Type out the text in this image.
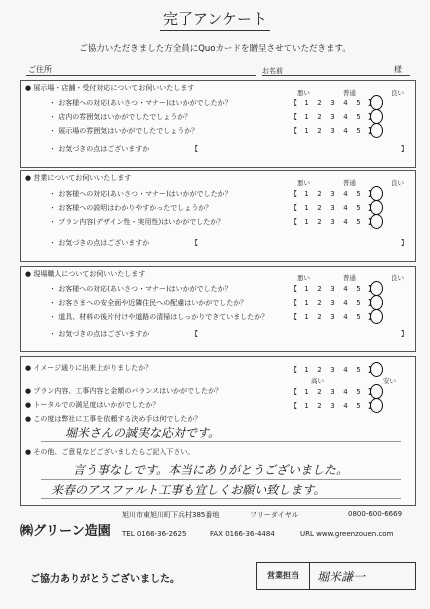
完了アンケート
ご協力いただきました方全員にQuoカードを贈呈させていただきます。
ご住所	お名前	様
● 展示場・店舗・受付対応についてお伺いいたします
悪い	普通	良い
・ お客様への対応(あいさつ・マナー)はいかがでしたか？	【 1 2 3 4 5 】
・ 店内の雰囲気はいかがでしたでしょうか？	【 1 2 3 4 5 】
・ 展示場の雰囲気はいかがでしたでしょうか？	【 1 2 3 4 5 】
・ お気づきの点はございますか	【	】
● 営業についてお伺いいたします
悪い	普通	良い
・ お客様への対応(あいさつ・マナー)はいかがでしたか？	【 1 2 3 4 5 】
・ お客様への説明はわかりやすかったでしょうか？	【 1 2 3 4 5 】
・ プラン内容(デザイン性・実用性)はいかがでしたか？	【 1 2 3 4 5 】
・ お気づきの点はございますか	【	】
● 現場職人についてお伺いいたします	悪い	普通	良い
・ お客様への対応(あいさつ・マナー)はいかがでしたか？	【 1 2 3 4 5 】
・ お客さまへの安全面や近隣住民への配慮はいかがでしたか？	【 1 2 3 4 5 】
・ 道具、材料の後片付けや道路の清掃はしっかりできていましたか？	【 1 2 3 4 5 】
・ お気づきの点はございますか	【	】
● イメージ通りに出来上がりましたか？	【 1 2 3 4 5 】
高い	安い
● プラン内容、工事内容と金額のバランスはいかがでしたか？	【 1 2 3 4 5 】
● トータルでの満足度はいかがでしたか？	【 1 2 3 4 5 】
● この度は弊社に工事を依頼する決め手は何でしたか？
堀米さんの誠実な応対です。
● その他、ご意見などございましたらご記入下さい。
言う事なしです。本当にありがとうございました。
来春のアスファルト工事も宜しくお願い致します。
㈱グリーン造園
旭川市東旭川町下兵村385番地	フリーダイヤル	0800-600-6669
TEL 0166-36-2625	FAX 0166-36-4484	URL www.greenzouen.com
ご協力ありがとうございました。	営業担当	堀米謙一
